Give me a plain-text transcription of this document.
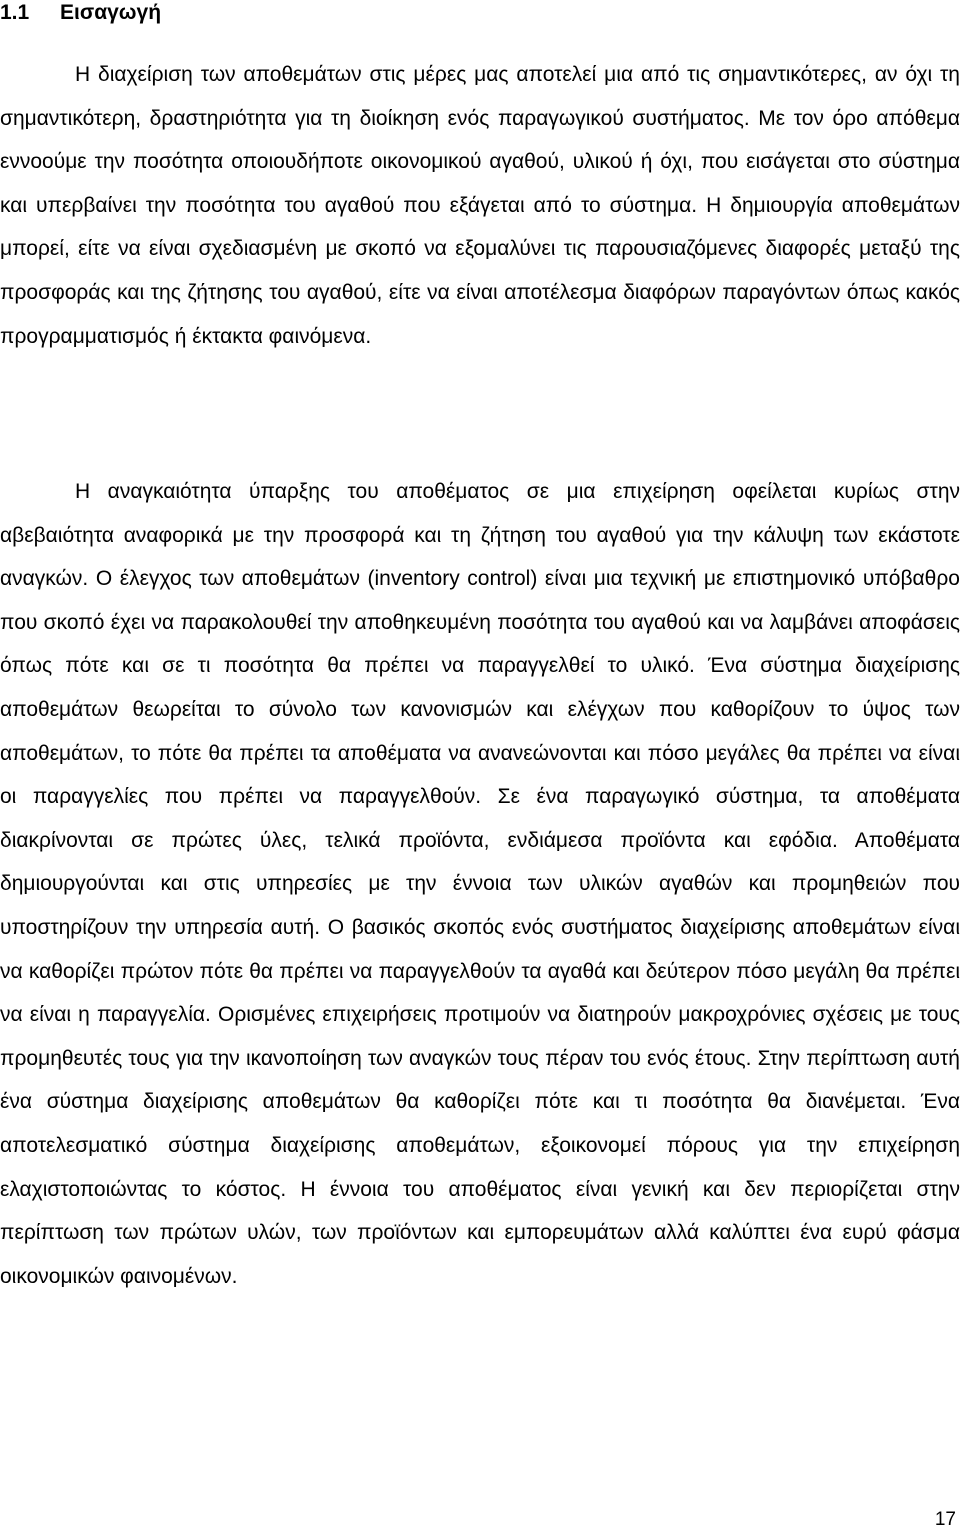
1.1 Εισαγωγή

Η διαχείριση των αποθεμάτων στις μέρες μας αποτελεί μια από τις σημαντικότερες, αν όχι τη σημαντικότερη, δραστηριότητα για τη διοίκηση ενός παραγωγικού συστήματος. Με τον όρο απόθεμα εννοούμε την ποσότητα οποιουδήποτε οικονομικού αγαθού, υλικού ή όχι, που εισάγεται στο σύστημα και υπερβαίνει την ποσότητα του αγαθού που εξάγεται από το σύστημα. Η δημιουργία αποθεμάτων μπορεί, είτε να είναι σχεδιασμένη με σκοπό να εξομαλύνει τις παρουσιαζόμενες διαφορές μεταξύ της προσφοράς και της ζήτησης του αγαθού, είτε να είναι αποτέλεσμα διαφόρων παραγόντων όπως κακός προγραμματισμός ή έκτακτα φαινόμενα.

Η αναγκαιότητα ύπαρξης του αποθέματος σε μια επιχείρηση οφείλεται κυρίως στην αβεβαιότητα αναφορικά με την προσφορά και τη ζήτηση του αγαθού για την κάλυψη των εκάστοτε αναγκών. Ο έλεγχος των αποθεμάτων (inventory control) είναι μια τεχνική με επιστημονικό υπόβαθρο που σκοπό έχει να παρακολουθεί την αποθηκευμένη ποσότητα του αγαθού και να λαμβάνει αποφάσεις όπως πότε και σε τι ποσότητα θα πρέπει να παραγγελθεί το υλικό. Ένα σύστημα διαχείρισης αποθεμάτων θεωρείται το σύνολο των κανονισμών και ελέγχων που καθορίζουν το ύψος των αποθεμάτων, το πότε θα πρέπει τα αποθέματα να ανανεώνονται και πόσο μεγάλες θα πρέπει να είναι οι παραγγελίες που πρέπει να παραγγελθούν. Σε ένα παραγωγικό σύστημα, τα αποθέματα διακρίνονται σε πρώτες ύλες, τελικά προϊόντα, ενδιάμεσα προϊόντα και εφόδια. Αποθέματα δημιουργούνται και στις υπηρεσίες με την έννοια των υλικών αγαθών και προμηθειών που υποστηρίζουν την υπηρεσία αυτή. Ο βασικός σκοπός ενός συστήματος διαχείρισης αποθεμάτων είναι να καθορίζει πρώτον πότε θα πρέπει να παραγγελθούν τα αγαθά και δεύτερον πόσο μεγάλη θα πρέπει να είναι η παραγγελία. Ορισμένες επιχειρήσεις προτιμούν να διατηρούν μακροχρόνιες σχέσεις με τους προμηθευτές τους για την ικανοποίηση των αναγκών τους πέραν του ενός έτους. Στην περίπτωση αυτή ένα σύστημα διαχείρισης αποθεμάτων θα καθορίζει πότε και τι ποσότητα θα διανέμεται. Ένα αποτελεσματικό σύστημα διαχείρισης αποθεμάτων, εξοικονομεί πόρους για την επιχείρηση ελαχιστοποιώντας το κόστος. Η έννοια του αποθέματος είναι γενική και δεν περιορίζεται στην περίπτωση των πρώτων υλών, των προϊόντων και εμπορευμάτων αλλά καλύπτει ένα ευρύ φάσμα οικονομικών φαινομένων.

17
